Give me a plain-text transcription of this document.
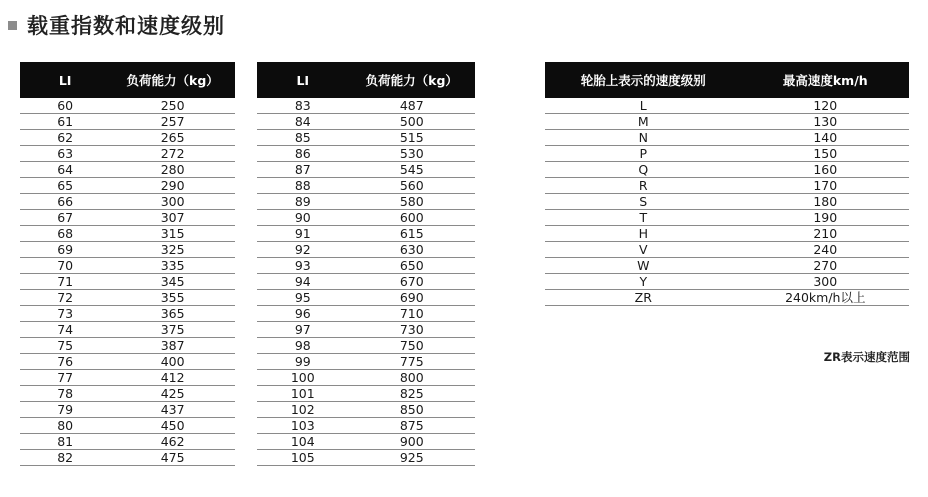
载重指数和速度级别
LI	负荷能力（kg）
60	250
61	257
62	265
63	272
64	280
65	290
66	300
67	307
68	315
69	325
70	335
71	345
72	355
73	365
74	375
75	387
76	400
77	412
78	425
79	437
80	450
81	462
82	475
LI	负荷能力（kg）
83	487
84	500
85	515
86	530
87	545
88	560
89	580
90	600
91	615
92	630
93	650
94	670
95	690
96	710
97	730
98	750
99	775
100	800
101	825
102	850
103	875
104	900
105	925
轮胎上表示的速度级别	最高速度km/h
L	120
M	130
N	140
P	150
Q	160
R	170
S	180
T	190
H	210
V	240
W	270
Y	300
ZR	240km/h以上
ZR表示速度范围
